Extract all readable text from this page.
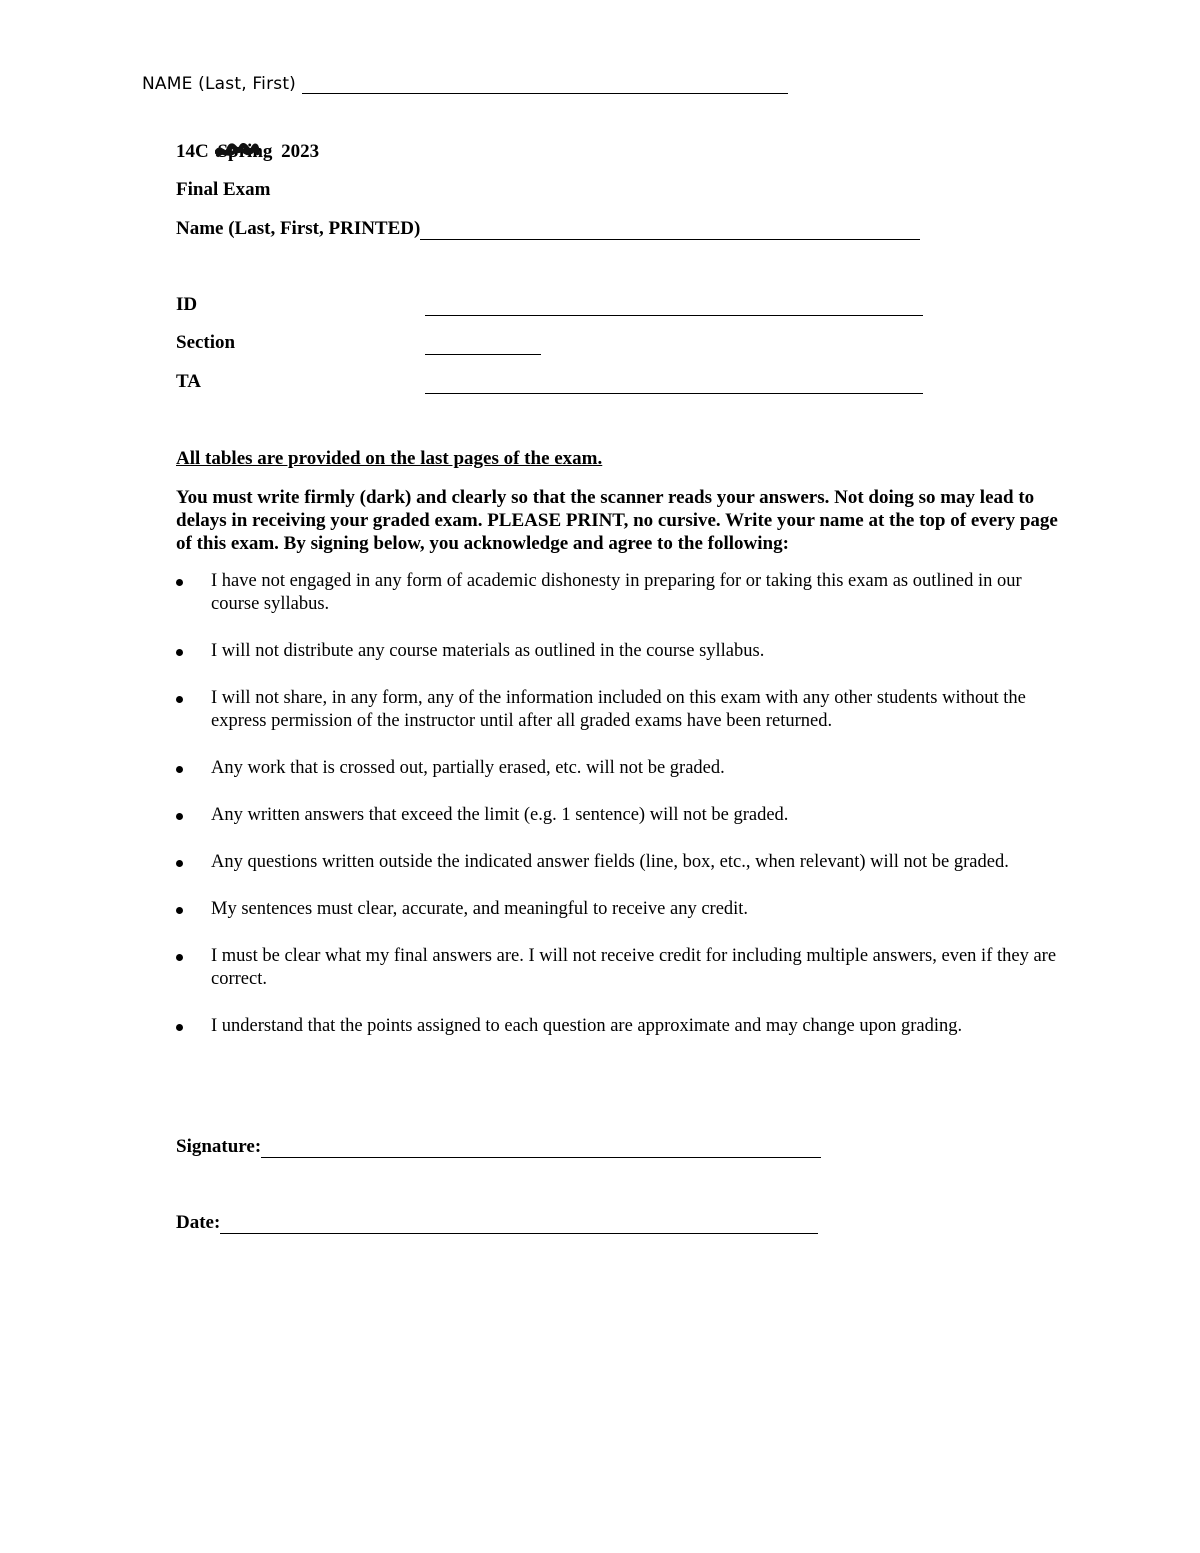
NAME (Last, First)
14C Spring 2023
Final Exam
Name (Last, First, PRINTED)
ID
Section
TA
All tables are provided on the last pages of the exam.
You must write firmly (dark) and clearly so that the scanner reads your answers. Not doing so may lead to delays in receiving your graded exam. PLEASE PRINT, no cursive. Write your name at the top of every page of this exam. By signing below, you acknowledge and agree to the following:
I have not engaged in any form of academic dishonesty in preparing for or taking this exam as outlined in our course syllabus.
I will not distribute any course materials as outlined in the course syllabus.
I will not share, in any form, any of the information included on this exam with any other students without the express permission of the instructor until after all graded exams have been returned.
Any work that is crossed out, partially erased, etc. will not be graded.
Any written answers that exceed the limit (e.g. 1 sentence) will not be graded.
Any questions written outside the indicated answer fields (line, box, etc., when relevant) will not be graded.
My sentences must clear, accurate, and meaningful to receive any credit.
I must be clear what my final answers are. I will not receive credit for including multiple answers, even if they are correct.
I understand that the points assigned to each question are approximate and may change upon grading.
Signature:
Date:
